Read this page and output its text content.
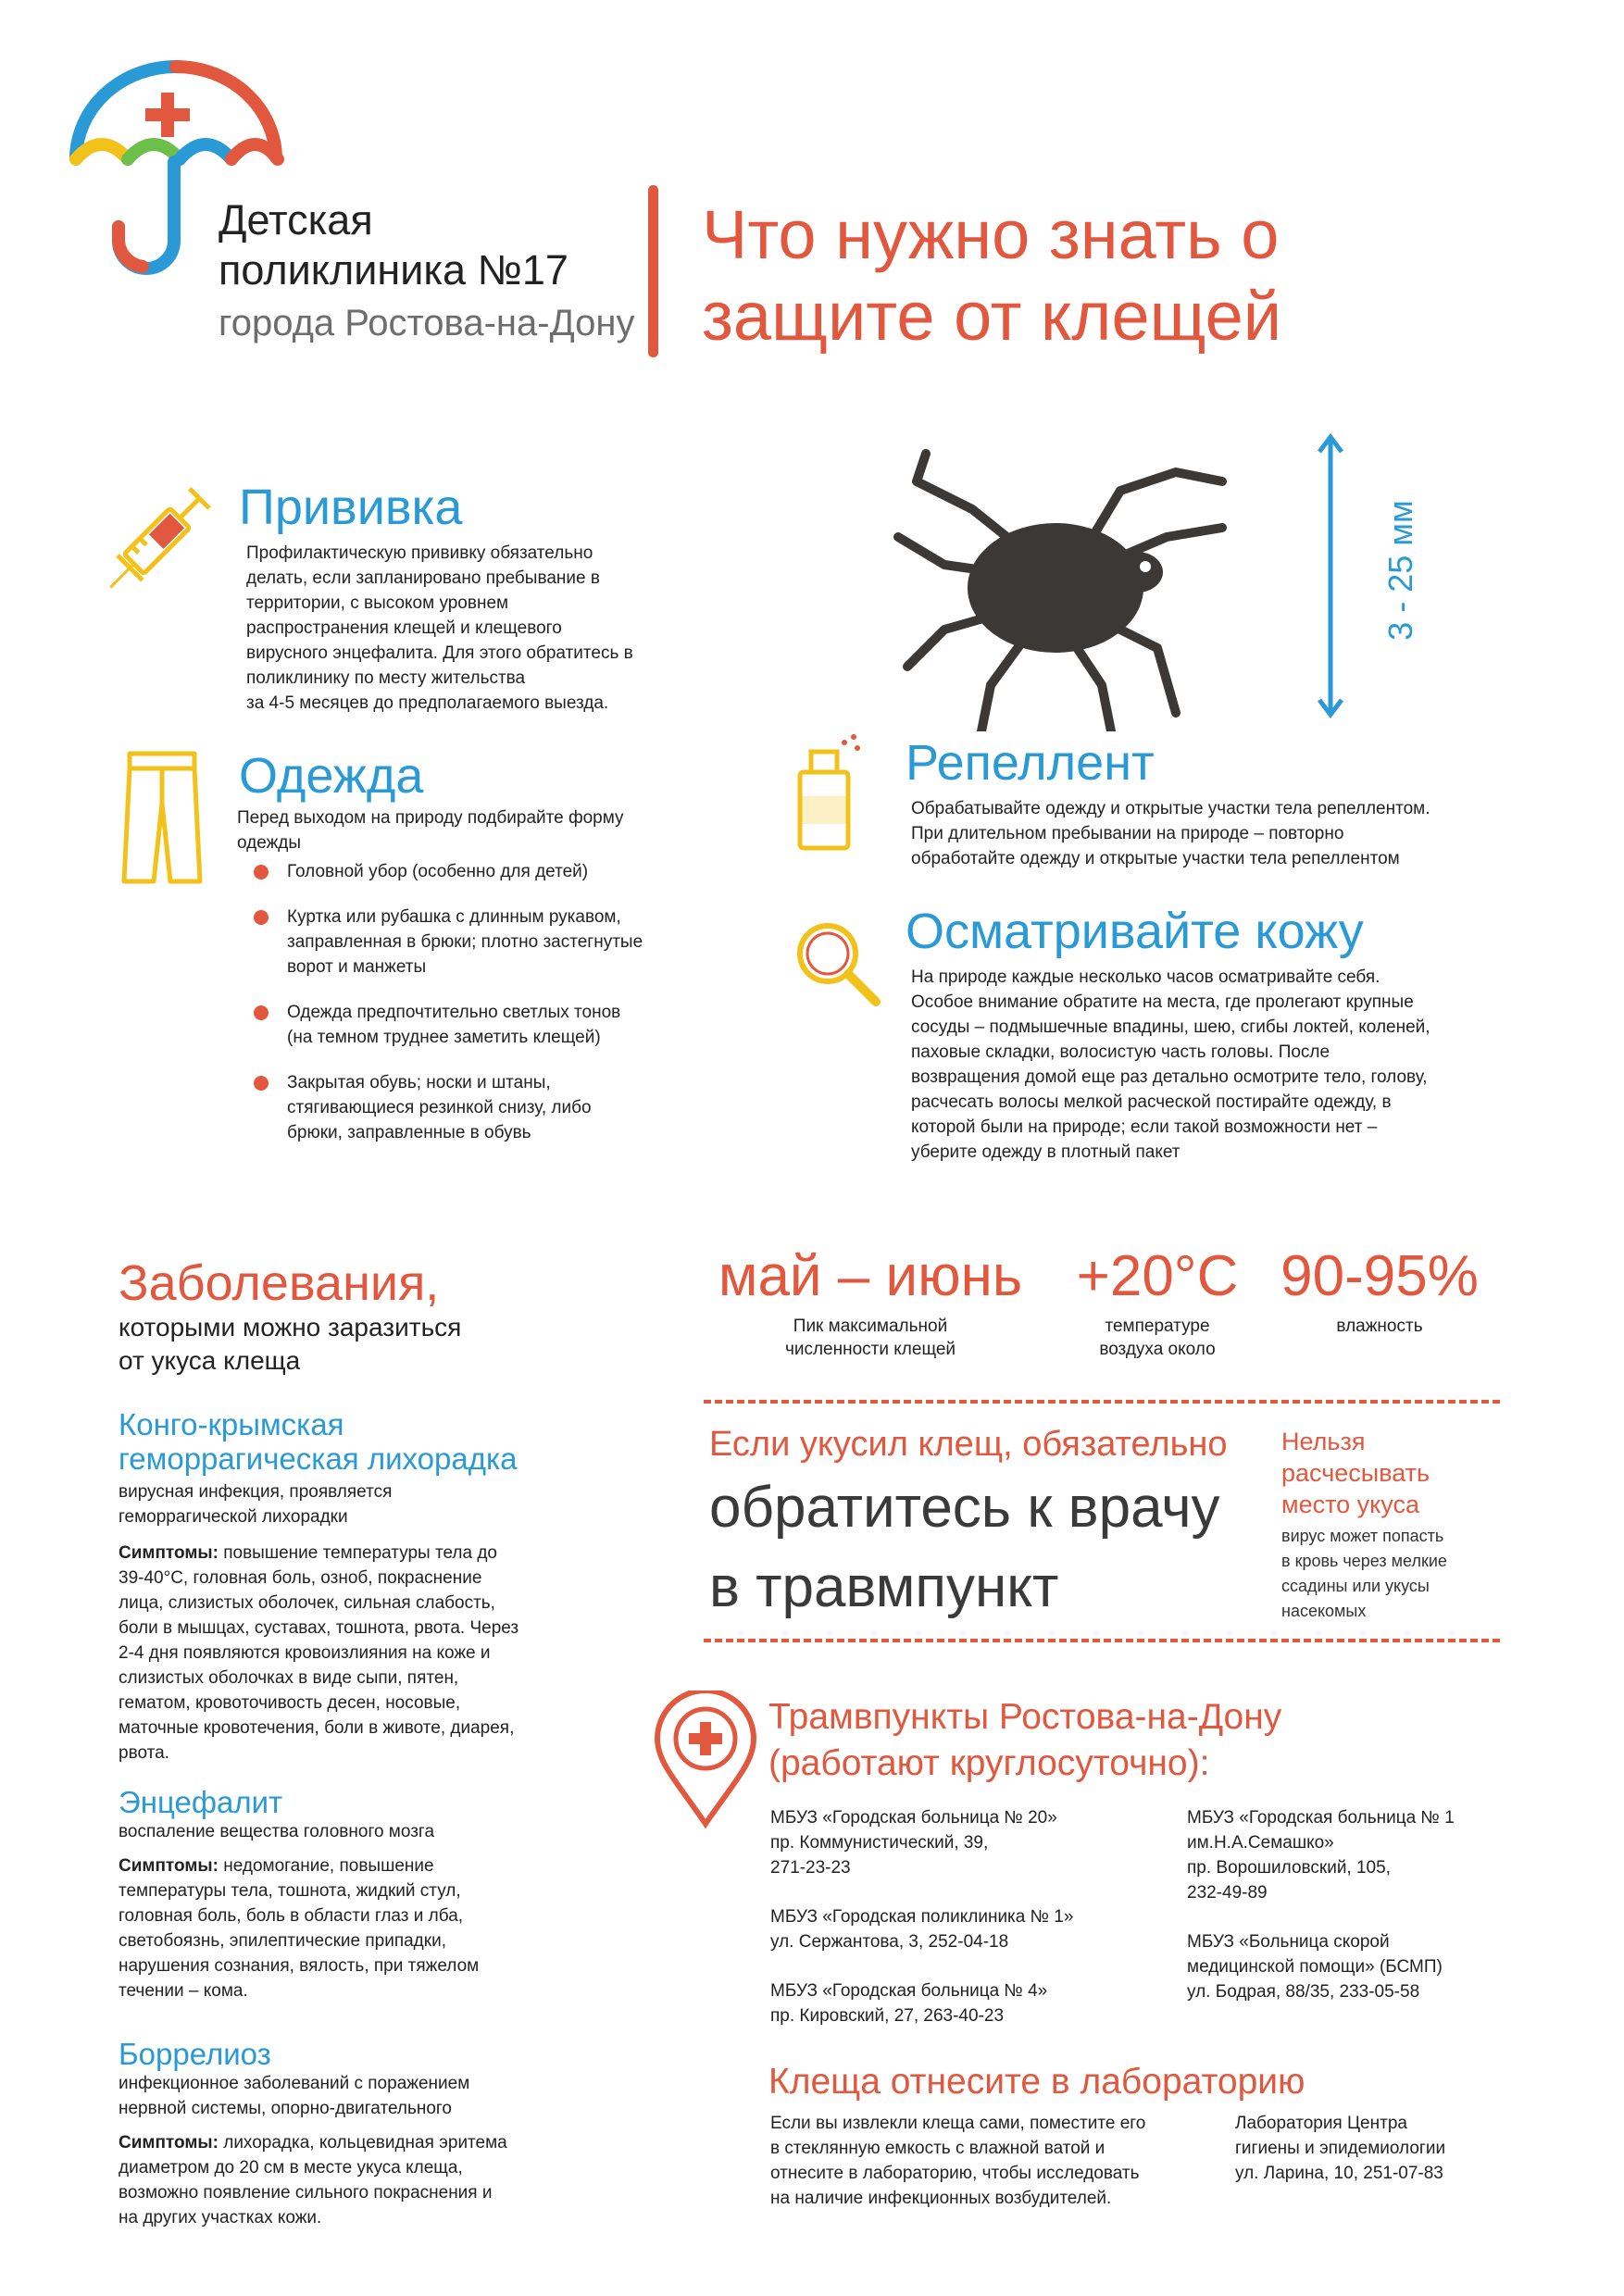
Детская
поликлиника №17
города Ростова-на-Дону
Что нужно знать о
защите от клещей
Прививка
Профилактическую прививку обязательно
делать, если запланировано пребывание в
территории, с высоком уровнем
распространения клещей и клещевого
вирусного энцефалита. Для этого обратитесь в
поликлинику по месту жительства
за 4-5 месяцев до предполагаемого выезда.
3 - 25 мм
Одежда
Перед выходом на природу подбирайте форму
одежды
Головной убор (особенно для детей)
Куртка или рубашка с длинным рукавом,
заправленная в брюки; плотно застегнутые
ворот и манжеты
Одежда предпочтительно светлых тонов
(на темном труднее заметить клещей)
Закрытая обувь; носки и штаны,
стягивающиеся резинкой снизу, либо
брюки, заправленные в обувь
Репеллент
Обрабатывайте одежду и открытые участки тела репеллентом.
При длительном пребывании на природе – повторно
обработайте одежду и открытые участки тела репеллентом
Осматривайте кожу
На природе каждые несколько часов осматривайте себя.
Особое внимание обратите на места, где пролегают крупные
сосуды – подмышечные впадины, шею, сгибы локтей, коленей,
паховые складки, волосистую часть головы. После
возвращения домой еще раз детально осмотрите тело, голову,
расчесать волосы мелкой расческой постирайте одежду, в
которой были на природе; если такой возможности нет –
уберите одежду в плотный пакет
Заболевания,
которыми можно заразиться
от укуса клеща
Конго-крымская
геморрагическая лихорадка
вирусная инфекция, проявляется
геморрагической лихорадки
Симптомы: повышение температуры тела до
39-40°С, головная боль, озноб, покраснение
лица, слизистых оболочек, сильная слабость,
боли в мышцах, суставах, тошнота, рвота. Через
2-4 дня появляются кровоизлияния на коже и
слизистых оболочках в виде сыпи, пятен,
гематом, кровоточивость десен, носовые,
маточные кровотечения, боли в животе, диарея,
рвота.
Энцефалит
воспаление вещества головного мозга
Симптомы: недомогание, повышение
температуры тела, тошнота, жидкий стул,
головная боль, боль в области глаз и лба,
светобоязнь, эпилептические припадки,
нарушения сознания, вялость, при тяжелом
течении – кома.
Боррелиоз
инфекционное заболеваний с поражением
нервной системы, опорно-двигательного
Симптомы: лихорадка, кольцевидная эритема
диаметром до 20 см в месте укуса клеща,
возможно появление сильного покраснения и
на других участках кожи.
май – июнь
Пик максимальной
численности клещей
+20°С
температуре
воздуха около
90-95%
влажность
Если укусил клещ, обязательно
обратитесь к врачу
в травмпункт
Нельзя
расчесывать
место укуса
вирус может попасть
в кровь через мелкие
ссадины или укусы
насекомых
Трамвпункты Ростова-на-Дону
(работают круглосуточно):
МБУЗ «Городская больница № 20»
пр. Коммунистический, 39,
271-23-23
МБУЗ «Городская поликлиника № 1»
ул. Сержантова, 3, 252-04-18
МБУЗ «Городская больница № 4»
пр. Кировский, 27, 263-40-23
МБУЗ «Городская больница № 1
им.Н.А.Семашко»
пр. Ворошиловский, 105,
232-49-89
МБУЗ «Больница скорой
медицинской помощи» (БСМП)
ул. Бодрая, 88/35, 233-05-58
Клеща отнесите в лабораторию
Если вы извлекли клеща сами, поместите его
в стеклянную емкость с влажной ватой и
отнесите в лабораторию, чтобы исследовать
на наличие инфекционных возбудителей.
Лаборатория Центра
гигиены и эпидемиологии
ул. Ларина, 10, 251-07-83
